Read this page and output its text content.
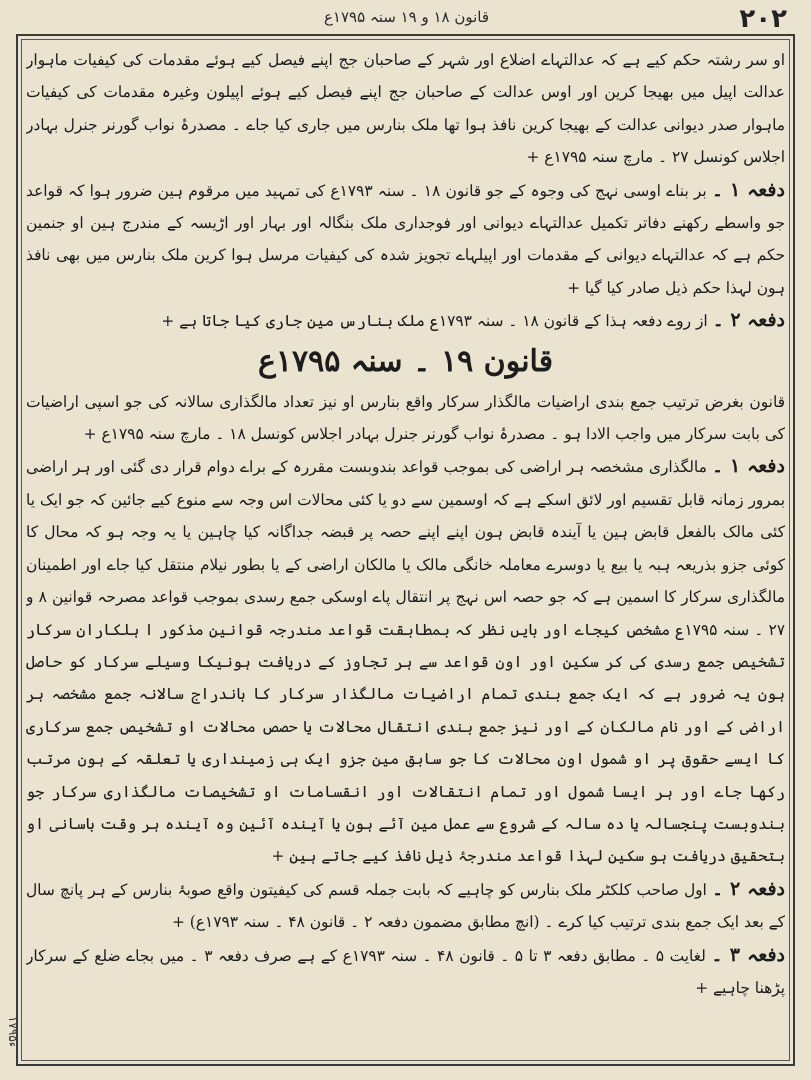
۲۰۲
قانون ۱۸ و ۱۹ سنہ ۱۷۹۵ع

او سر رشتہ حکم کیے ہے کہ عدالتہاے اضلاع اور شہر کے صاحبان جج اپنے فیصل کیے ہوئے مقدمات کی کیفیات ماہوار عدالت اپیل میں بھیجا کرین اور اوس عدالت کے صاحبان جج اپنے فیصل کیے ہوئے اپیلون وغیرہ مقدمات کی کیفیات ماہوار صدر دیوانی عدالت کے بھیجا کرین نافذ ہوا تھا ملک بنارس میں جاری کیا جاے ۔ مصدرۂ نواب گورنر جنرل بہادر اجلاس کونسل ۲۷ ۔ مارچ سنہ ۱۷۹۵ع +

دفعہ ۱ ۔ بر بناے اوسی نہج کی وجوہ کے جو قانون ۱۸ ۔ سنہ ۱۷۹۳ع کی تمہید میں مرقوم ہین ضرور ہوا کہ قواعد جو واسطے رکھنے دفاتر تکمیل عدالتہاے دیوانی اور فوجداری ملک بنگالہ اور بہار اور اڑیسہ کے مندرج ہین او جنمین حکم ہے کہ عدالتہاے دیوانی کے مقدمات اور اپیلہاے تجویز شدہ کی کیفیات مرسل ہوا کرین ملک بنارس میں بھی نافذ ہون لہذا حکم ذیل صادر کیا گیا +

دفعہ ۲ ۔ از روے دفعہ ہذا کے قانون ۱۸ ۔ سنہ ۱۷۹۳ع ملک بنارس مین جاری کیا جاتا ہے +

قانون ۱۹ ۔ سنہ ۱۷۹۵ع

قانون بغرض ترتیب جمع بندی اراضیات مالگذار سرکار واقع بنارس او نیز تعداد مالگذاری سالانہ کی جو اسپی اراضیات کی بابت سرکار میں واجب الادا ہو ۔ مصدرۂ نواب گورنر جنرل بہادر اجلاس کونسل ۱۸ ۔ مارچ سنہ ۱۷۹۵ع +

دفعہ ۱ ۔ مالگذاری مشخصہ ہر اراضی کی بموجب قواعد بندوبست مقررہ کے براے دوام قرار دی گئی اور ہر اراضی بمرور زمانہ قابل تقسیم اور لائق اسکے ہے کہ اوسمین سے دو یا کئی محالات اس وجہ سے منوع کیے جائین کہ جو ایک یا کئی مالک بالفعل قابض ہین یا آیندہ قابض ہون اپنے اپنے حصہ پر قبضہ جداگانہ کیا چاہین یا یہ وجہ ہو کہ محال کا کوئی جزو بذریعہ ہبہ یا بیع یا دوسرے معاملہ خانگی مالک یا مالکان اراضی کے یا بطور نیلام منتقل کیا جاے اور اطمینان مالگذاری سرکار کا اسمین ہے کہ جو حصہ اس نہج پر انتقال پاے اوسکی جمع رسدی بموجب قواعد مصرحہ قوانین ۸ و ۲۷ ۔ سنہ ۱۷۹۵ع مشخص کیجاے اور بایں نظر کہ بمطابقت قواعد مندرجہ قوانین مذکور ا ہلکاران سرکار تشخیص جمع رسدی کی کر سکین اور اون قواعد سے ہر تجاوز کے دریافت ہونیکا وسیلے سرکار کو حاصل ہون یہ ضرور ہے کہ ایک جمع بندی تمام اراضیات مالگذار سرکار کا باندراج سالانہ جمع مشخصہ ہر اراضی کے اور نام مالکان کے اور نیز جمع بندی انتقال محالات یا حصص محالات او تشخیص جمع سرکاری کا ایسے حقوق پر او شمول اون محالات کا جو سابق مین جزو ایک ہی زمینداری یا تعلقہ کے ہون مرتب رکھا جاے اور ہر ایسا شمول اور تمام انتقالات اور انقسامات او تشخیصات مالگذاری سرکار جو بندوبست پنجسالہ یا دہ سالہ کے شروع سے عمل مین آئے ہون یا آیندہ آئین وہ آیندہ ہر وقت باسانی او بتحقیق دریافت ہو سکین لہذا قواعد مندرجۂ ذیل نافذ کیے جاتے ہین +

دفعہ ۲ ۔ اول صاحب کلکٹر ملک بنارس کو چاہیے کہ بابت جملہ قسم کی کیفیتون واقع صوبۂ بنارس کے ہر پانچ سال کے بعد ایک جمع بندی ترتیب کیا کرے ۔ (انچ مطابق مضمون دفعہ ۲ ۔ قانون ۴۸ ۔ سنہ ۱۷۹۳ع) +

دفعہ ۳ ۔ لغایت ۵ ۔ مطابق دفعہ ۳ تا ۵ ۔ قانون ۴۸ ۔ سنہ ۱۷۹۳ع کے ہے صرف دفعہ ۳ ۔ میں بجاے ضلع کے سرکار پڑھنا چاہیے +

۱۷۹۵ء
